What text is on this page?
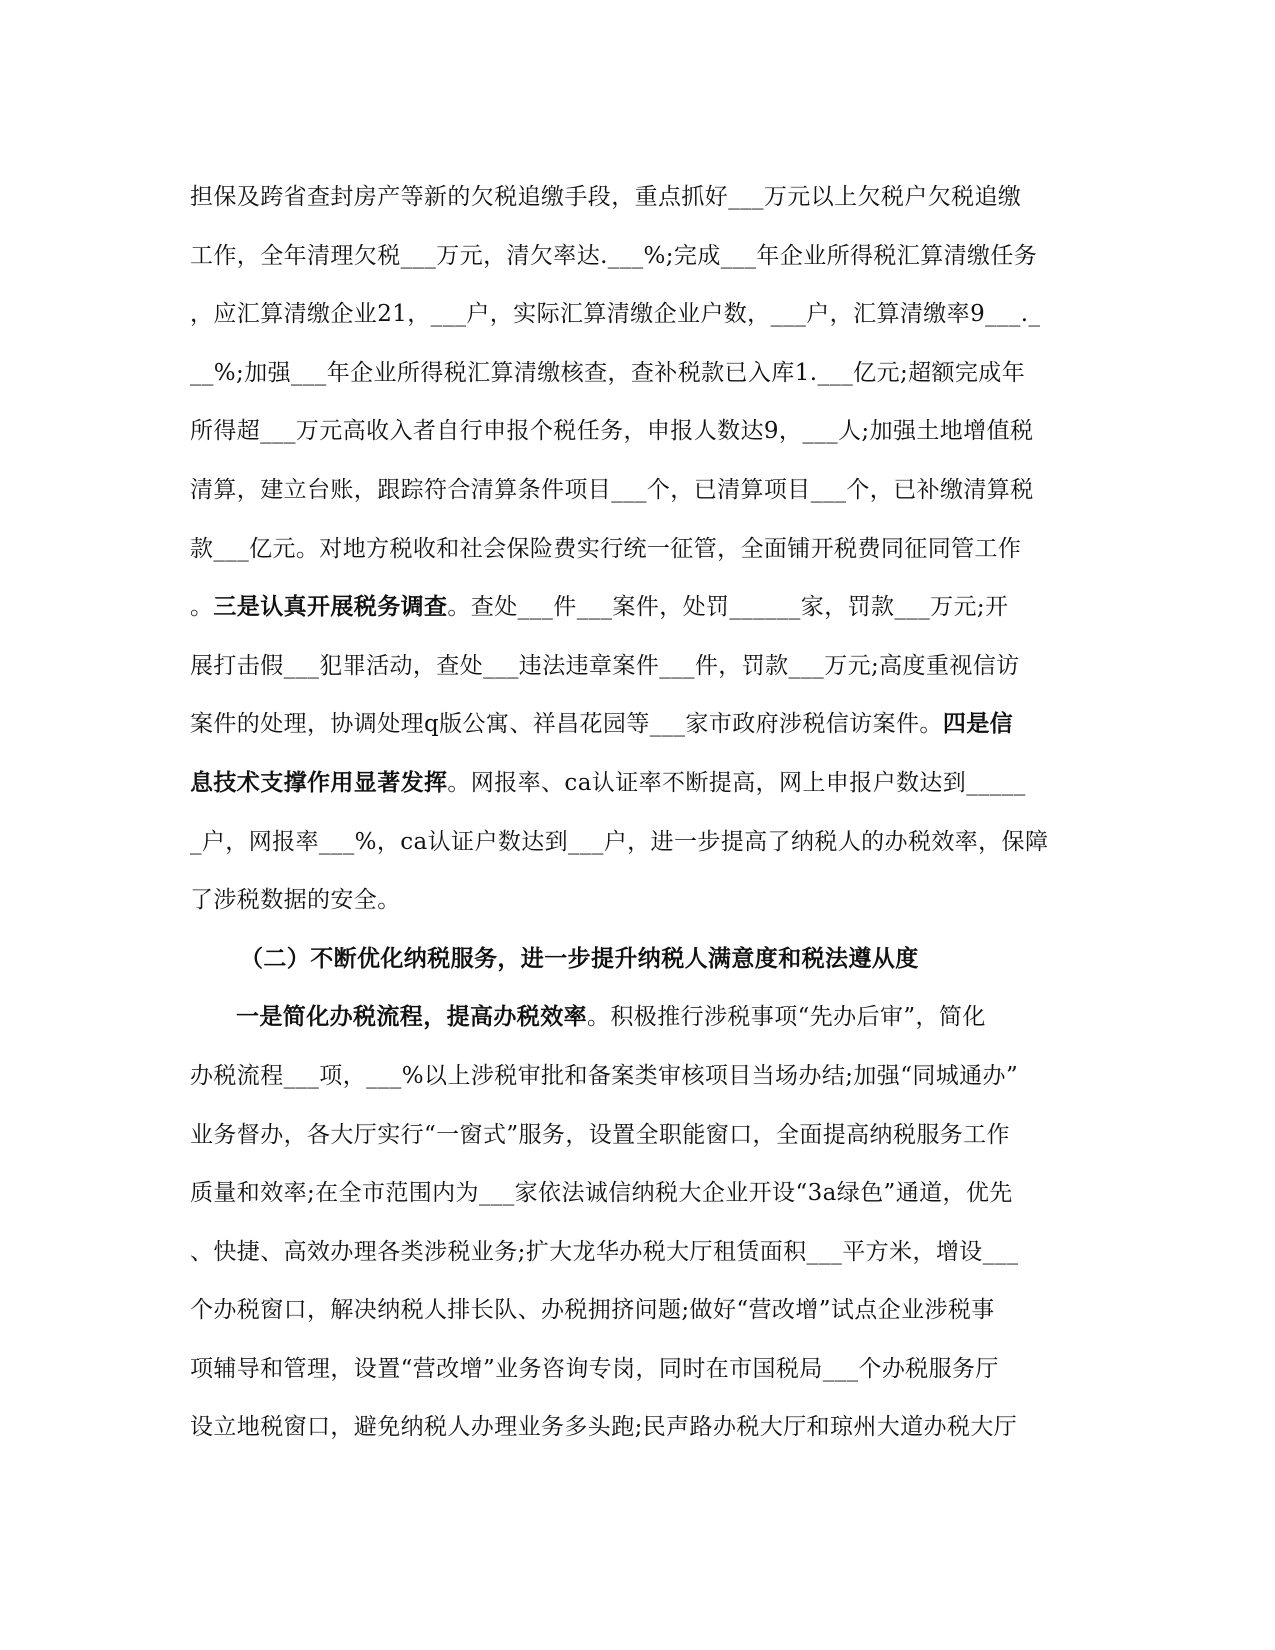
担保及跨省查封房产等新的欠税追缴手段，重点抓好___万元以上欠税户欠税追缴
工作，全年清理欠税___万元，清欠率达.___%;完成___年企业所得税汇算清缴任务
，应汇算清缴企业21，___户，实际汇算清缴企业户数，___户，汇算清缴率9___._
__%;加强___年企业所得税汇算清缴核查，查补税款已入库1.___亿元;超额完成年
所得超___万元高收入者自行申报个税任务，申报人数达9，___人;加强土地增值税
清算，建立台账，跟踪符合清算条件项目___个，已清算项目___个，已补缴清算税
款___亿元。对地方税收和社会保险费实行统一征管，全面铺开税费同征同管工作
。三是认真开展税务调查。查处___件___案件，处罚______家，罚款___万元;开
展打击假___犯罪活动，查处___违法违章案件___件，罚款___万元;高度重视信访
案件的处理，协调处理q版公寓、祥昌花园等___家市政府涉税信访案件。四是信
息技术支撑作用显著发挥。网报率、ca认证率不断提高，网上申报户数达到_____
_户，网报率___%，ca认证户数达到___户，进一步提高了纳税人的办税效率，保障
了涉税数据的安全。
（二）不断优化纳税服务，进一步提升纳税人满意度和税法遵从度
一是简化办税流程，提高办税效率。积极推行涉税事项“先办后审”，简化
办税流程___项，___%以上涉税审批和备案类审核项目当场办结;加强“同城通办”
业务督办，各大厅实行“一窗式”服务，设置全职能窗口，全面提高纳税服务工作
质量和效率;在全市范围内为___家依法诚信纳税大企业开设“3a绿色”通道，优先
、快捷、高效办理各类涉税业务;扩大龙华办税大厅租赁面积___平方米，增设___
个办税窗口，解决纳税人排长队、办税拥挤问题;做好“营改增”试点企业涉税事
项辅导和管理，设置“营改增”业务咨询专岗，同时在市国税局___个办税服务厅
设立地税窗口，避免纳税人办理业务多头跑;民声路办税大厅和琼州大道办税大厅
